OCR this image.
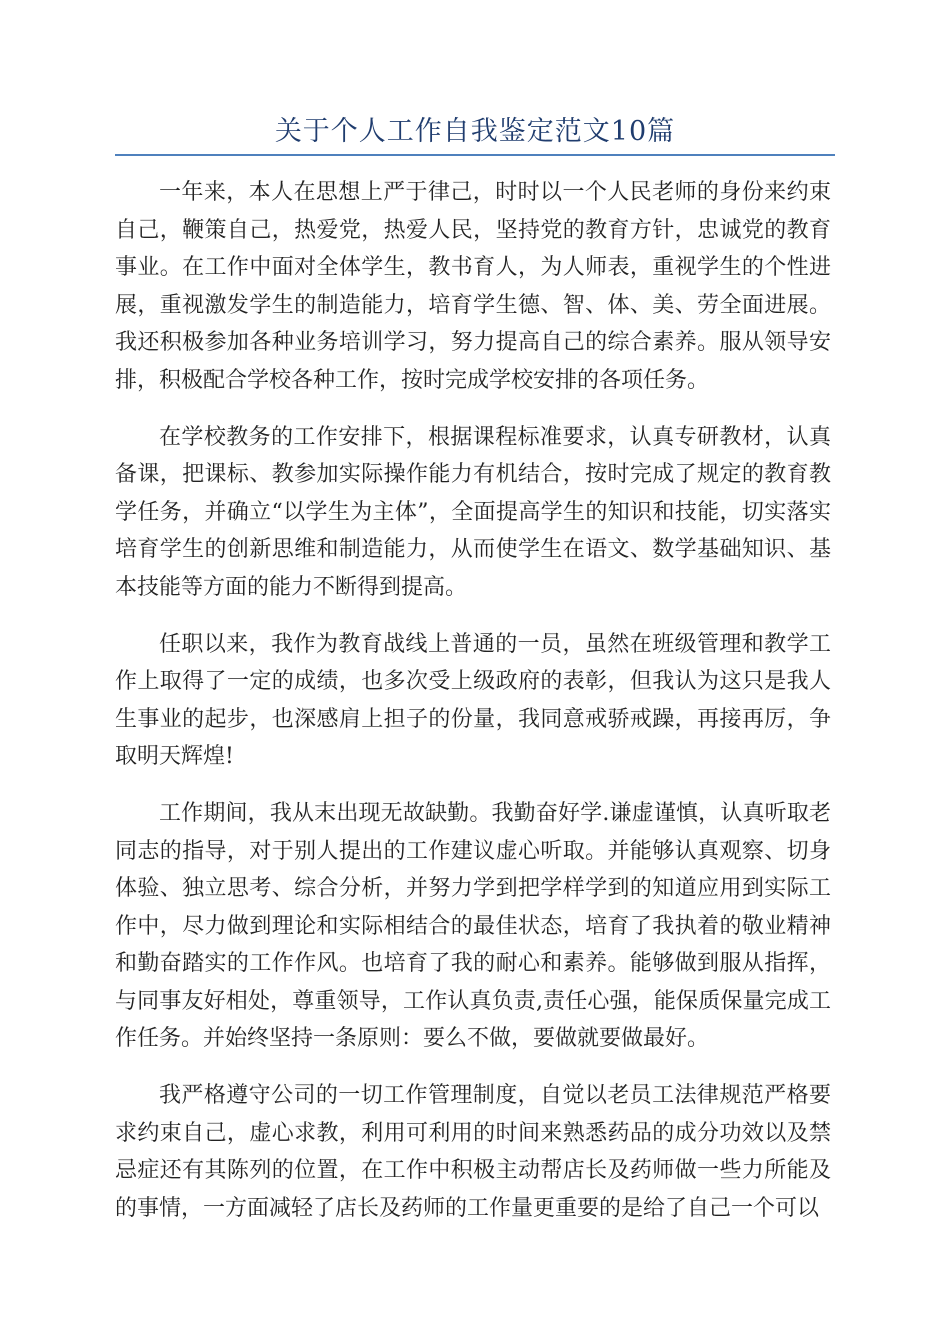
关于个人工作自我鉴定范文10篇

一年来，本人在思想上严于律己，时时以一个人民老师的身份来约束自己，鞭策自己，热爱党，热爱人民，坚持党的教育方针，忠诚党的教育事业。在工作中面对全体学生，教书育人，为人师表，重视学生的个性进展，重视激发学生的制造能力，培育学生德、智、体、美、劳全面进展。我还积极参加各种业务培训学习，努力提高自己的综合素养。服从领导安排，积极配合学校各种工作，按时完成学校安排的各项任务。

在学校教务的工作安排下，根据课程标准要求，认真专研教材，认真备课，把课标、教参加实际操作能力有机结合，按时完成了规定的教育教学任务，并确立“以学生为主体”，全面提高学生的知识和技能，切实落实培育学生的创新思维和制造能力，从而使学生在语文、数学基础知识、基本技能等方面的能力不断得到提高。

任职以来，我作为教育战线上普通的一员，虽然在班级管理和教学工作上取得了一定的成绩，也多次受上级政府的表彰，但我认为这只是我人生事业的起步，也深感肩上担子的份量，我同意戒骄戒躁，再接再厉，争取明天辉煌!

工作期间，我从末出现无故缺勤。我勤奋好学.谦虚谨慎，认真听取老同志的指导，对于别人提出的工作建议虚心听取。并能够认真观察、切身体验、独立思考、综合分析，并努力学到把学样学到的知道应用到实际工作中，尽力做到理论和实际相结合的最佳状态，培育了我执着的敬业精神和勤奋踏实的工作作风。也培育了我的耐心和素养。能够做到服从指挥，与同事友好相处，尊重领导，工作认真负责,责任心强，能保质保量完成工作任务。并始终坚持一条原则：要么不做，要做就要做最好。

我严格遵守公司的一切工作管理制度，自觉以老员工法律规范严格要求约束自己，虚心求教，利用可利用的时间来熟悉药品的成分功效以及禁忌症还有其陈列的位置，在工作中积极主动帮店长及药师做一些力所能及的事情，一方面减轻了店长及药师的工作量更重要的是给了自己一个可以
